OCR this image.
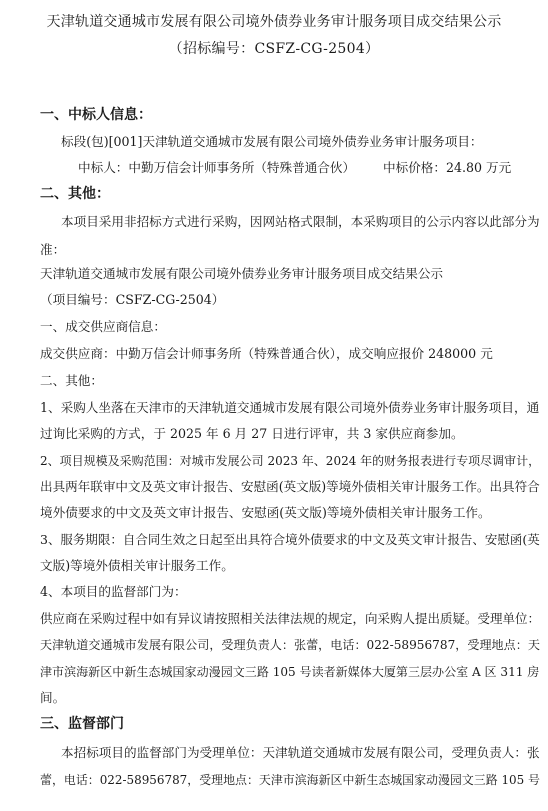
天津轨道交通城市发展有限公司境外债券业务审计服务项目成交结果公示
（招标编号：CSFZ-CG-2504）
一、中标人信息：
标段(包)[001]天津轨道交通城市发展有限公司境外债券业务审计服务项目：
中标人：中勤万信会计师事务所（特殊普通合伙） 中标价格：24.80 万元
二、其他：
本项目采用非招标方式进行采购，因网站格式限制，本采购项目的公示内容以此部分为
准：
天津轨道交通城市发展有限公司境外债券业务审计服务项目成交结果公示
（项目编号：CSFZ-CG-2504）
一、成交供应商信息：
成交供应商：中勤万信会计师事务所（特殊普通合伙），成交响应报价 248000 元
二、其他：
1、采购人坐落在天津市的天津轨道交通城市发展有限公司境外债券业务审计服务项目，通
过询比采购的方式，于 2025 年 6 月 27 日进行评审，共 3 家供应商参加。
2、项目规模及采购范围：对城市发展公司 2023 年、2024 年的财务报表进行专项尽调审计，
出具两年联审中文及英文审计报告、安慰函(英文版)等境外债相关审计服务工作。出具符合
境外债要求的中文及英文审计报告、安慰函(英文版)等境外债相关审计服务工作。
3、服务期限：自合同生效之日起至出具符合境外债要求的中文及英文审计报告、安慰函(英
文版)等境外债相关审计服务工作。
4、本项目的监督部门为：
供应商在采购过程中如有异议请按照相关法律法规的规定，向采购人提出质疑。受理单位：
天津轨道交通城市发展有限公司，受理负责人：张蕾，电话：022-58956787，受理地点：天
津市滨海新区中新生态城国家动漫园文三路 105 号读者新媒体大厦第三层办公室 A 区 311 房
间。
三、监督部门
本招标项目的监督部门为受理单位：天津轨道交通城市发展有限公司，受理负责人：张
蕾，电话：022-58956787，受理地点：天津市滨海新区中新生态城国家动漫园文三路 105 号
